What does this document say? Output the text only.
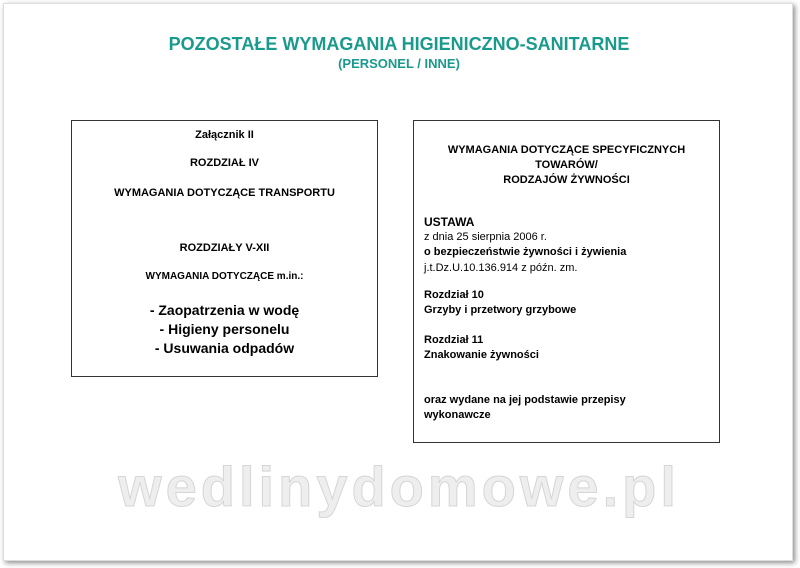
POZOSTAŁE WYMAGANIA HIGIENICZNO-SANITARNE
(PERSONEL / INNE)
Załącznik II
ROZDZIAŁ IV
WYMAGANIA DOTYCZĄCE TRANSPORTU
ROZDZIAŁY V-XII
WYMAGANIA DOTYCZĄCE m.in.:
- Zaopatrzenia w wodę
- Higieny personelu
- Usuwania odpadów
WYMAGANIA DOTYCZĄCE SPECYFICZNYCH
TOWARÓW/
RODZAJÓW ŻYWNOŚCI
USTAWA
z dnia 25 sierpnia 2006 r.
o bezpieczeństwie żywności i żywienia
j.t.Dz.U.10.136.914 z późn. zm.
Rozdział 10
Grzyby i przetwory grzybowe
Rozdział 11
Znakowanie żywności
oraz wydane na jej podstawie przepisy
wykonawcze
wedlinydomowe.pl
